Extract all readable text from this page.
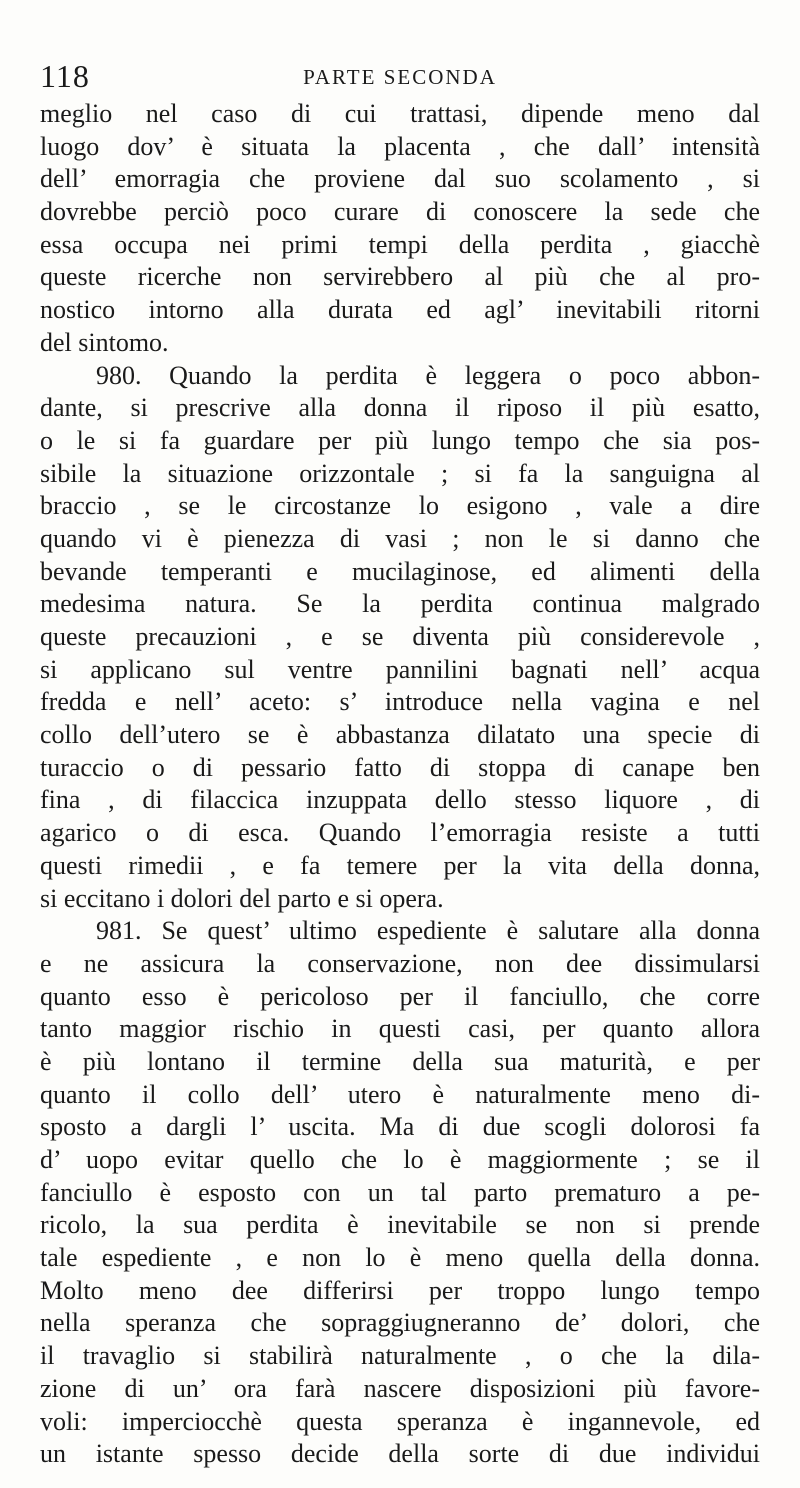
118	PARTE SECONDA
meglio nel caso di cui trattasi, dipende meno dal
luogo dov’ è situata la placenta , che dall’ intensità
dell’ emorragia che proviene dal suo scolamento , si
dovrebbe perciò poco curare di conoscere la sede che
essa occupa nei primi tempi della perdita , giacchè
queste ricerche non servirebbero al più che al pro-
nostico intorno alla durata ed agl’ inevitabili ritorni
del sintomo.
980. Quando la perdita è leggera o poco abbon-
dante, si prescrive alla donna il riposo il più esatto,
o le si fa guardare per più lungo tempo che sia pos-
sibile la situazione orizzontale ; si fa la sanguigna al
braccio , se le circostanze lo esigono , vale a dire
quando vi è pienezza di vasi ; non le si danno che
bevande temperanti e mucilaginose, ed alimenti della
medesima natura. Se la perdita continua malgrado
queste precauzioni , e se diventa più considerevole ,
si applicano sul ventre pannilini bagnati nell’ acqua
fredda e nell’ aceto: s’ introduce nella vagina e nel
collo dell’utero se è abbastanza dilatato una specie di
turaccio o di pessario fatto di stoppa di canape ben
fina , di filaccica inzuppata dello stesso liquore , di
agarico o di esca. Quando l’emorragia resiste a tutti
questi rimedii , e fa temere per la vita della donna,
si eccitano i dolori del parto e si opera.
981. Se quest’ ultimo espediente è salutare alla donna
e ne assicura la conservazione, non dee dissimularsi
quanto esso è pericoloso per il fanciullo, che corre
tanto maggior rischio in questi casi, per quanto allora
è più lontano il termine della sua maturità, e per
quanto il collo dell’ utero è naturalmente meno di-
sposto a dargli l’ uscita. Ma di due scogli dolorosi fa
d’ uopo evitar quello che lo è maggiormente ; se il
fanciullo è esposto con un tal parto prematuro a pe-
ricolo, la sua perdita è inevitabile se non si prende
tale espediente , e non lo è meno quella della donna.
Molto meno dee differirsi per troppo lungo tempo
nella speranza che sopraggiugneranno de’ dolori, che
il travaglio si stabilirà naturalmente , o che la dila-
zione di un’ ora farà nascere disposizioni più favore-
voli: imperciocchè questa speranza è ingannevole, ed
un istante spesso decide della sorte di due individui
